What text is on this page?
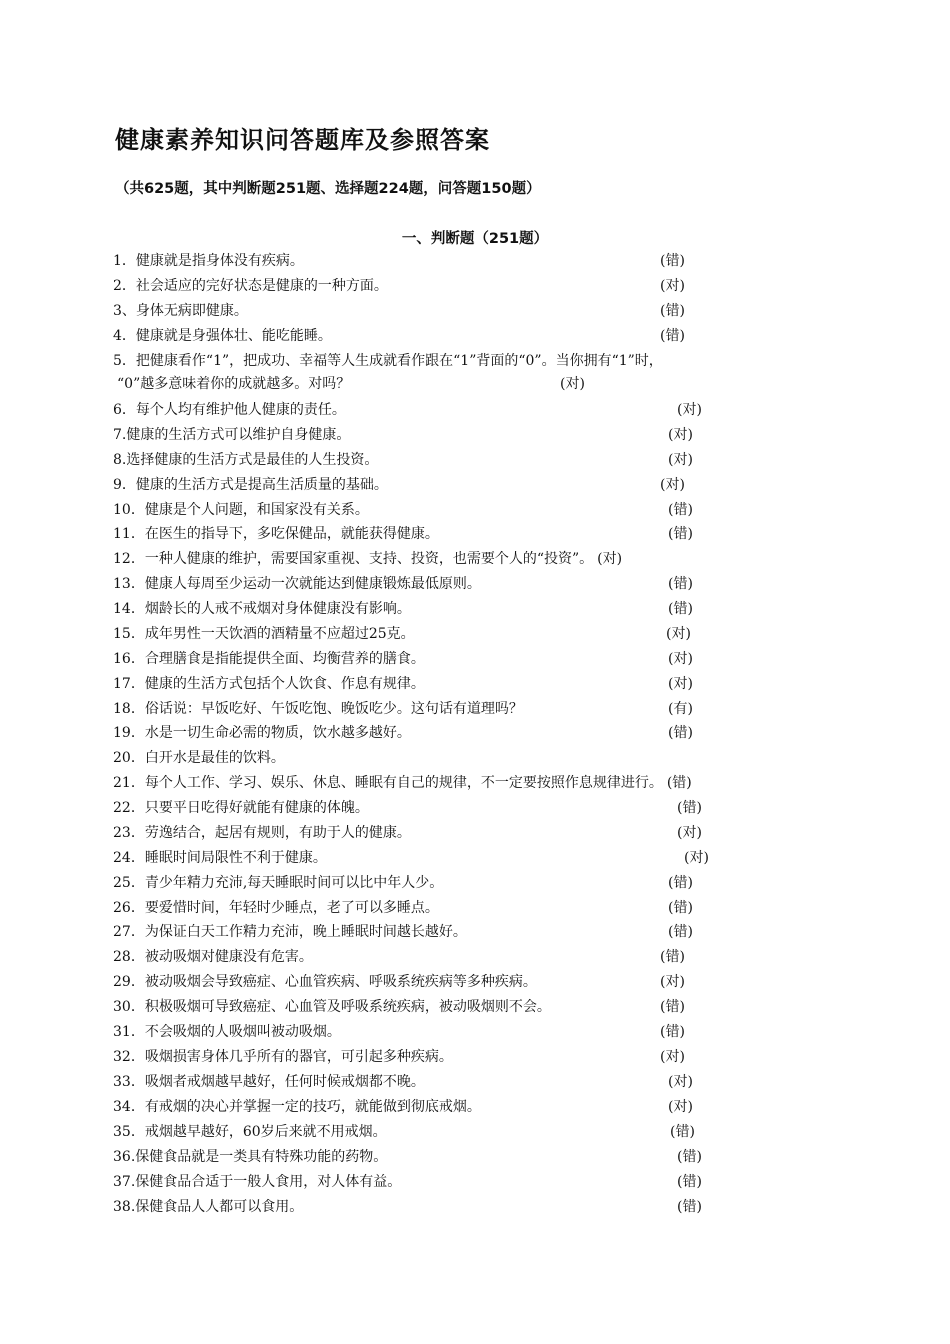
健康素养知识问答题库及参照答案
（共625题，其中判断题251题、选择题224题，问答题150题）
一、判断题（251题）
1．健康就是指身体没有疾病。	(错)
2．社会适应的完好状态是健康的一种方面。	(对)
3、身体无病即健康。	(错)
4．健康就是身强体壮、能吃能睡。	(错)
5．把健康看作“1”，把成功、幸福等人生成就看作跟在“1”背面的“0”。当你拥有“1”时，
“0”越多意味着你的成就越多。对吗？	(对)
6．每个人均有维护他人健康的责任。	(对)
7.健康的生活方式可以维护自身健康。	(对)
8.选择健康的生活方式是最佳的人生投资。	(对)
9．健康的生活方式是提高生活质量的基础。	(对)
10．健康是个人问题，和国家没有关系。	(错)
11．在医生的指导下，多吃保健品，就能获得健康。	(错)
12．一种人健康的维护，需要国家重视、支持、投资，也需要个人的“投资”。 (对)
13．健康人每周至少运动一次就能达到健康锻炼最低原则。	(错)
14．烟龄长的人戒不戒烟对身体健康没有影响。	(错)
15．成年男性一天饮酒的酒精量不应超过25克。	(对)
16．合理膳食是指能提供全面、均衡营养的膳食。	(对)
17．健康的生活方式包括个人饮食、作息有规律。	(对)
18．俗话说：早饭吃好、午饭吃饱、晚饭吃少。这句话有道理吗？	(有)
19．水是一切生命必需的物质，饮水越多越好。	(错)
20．白开水是最佳的饮料。
21．每个人工作、学习、娱乐、休息、睡眠有自己的规律，不一定要按照作息规律进行。 (错)
22．只要平日吃得好就能有健康的体魄。	(错)
23．劳逸结合，起居有规则，有助于人的健康。	(对)
24．睡眠时间局限性不利于健康。	(对)
25．青少年精力充沛,每天睡眠时间可以比中年人少。	(错)
26．要爱惜时间，年轻时少睡点，老了可以多睡点。	(错)
27．为保证白天工作精力充沛，晚上睡眠时间越长越好。	(错)
28．被动吸烟对健康没有危害。	(错)
29．被动吸烟会导致癌症、心血管疾病、呼吸系统疾病等多种疾病。	(对)
30．积极吸烟可导致癌症、心血管及呼吸系统疾病，被动吸烟则不会。	(错)
31．不会吸烟的人吸烟叫被动吸烟。	(错)
32．吸烟损害身体几乎所有的器官，可引起多种疾病。	(对)
33．吸烟者戒烟越早越好，任何时候戒烟都不晚。	(对)
34．有戒烟的决心并掌握一定的技巧，就能做到彻底戒烟。	(对)
35．戒烟越早越好，60岁后来就不用戒烟。	(错)
36.保健食品就是一类具有特殊功能的药物。	(错)
37.保健食品合适于一般人食用，对人体有益。	(错)
38.保健食品人人都可以食用。	(错)
